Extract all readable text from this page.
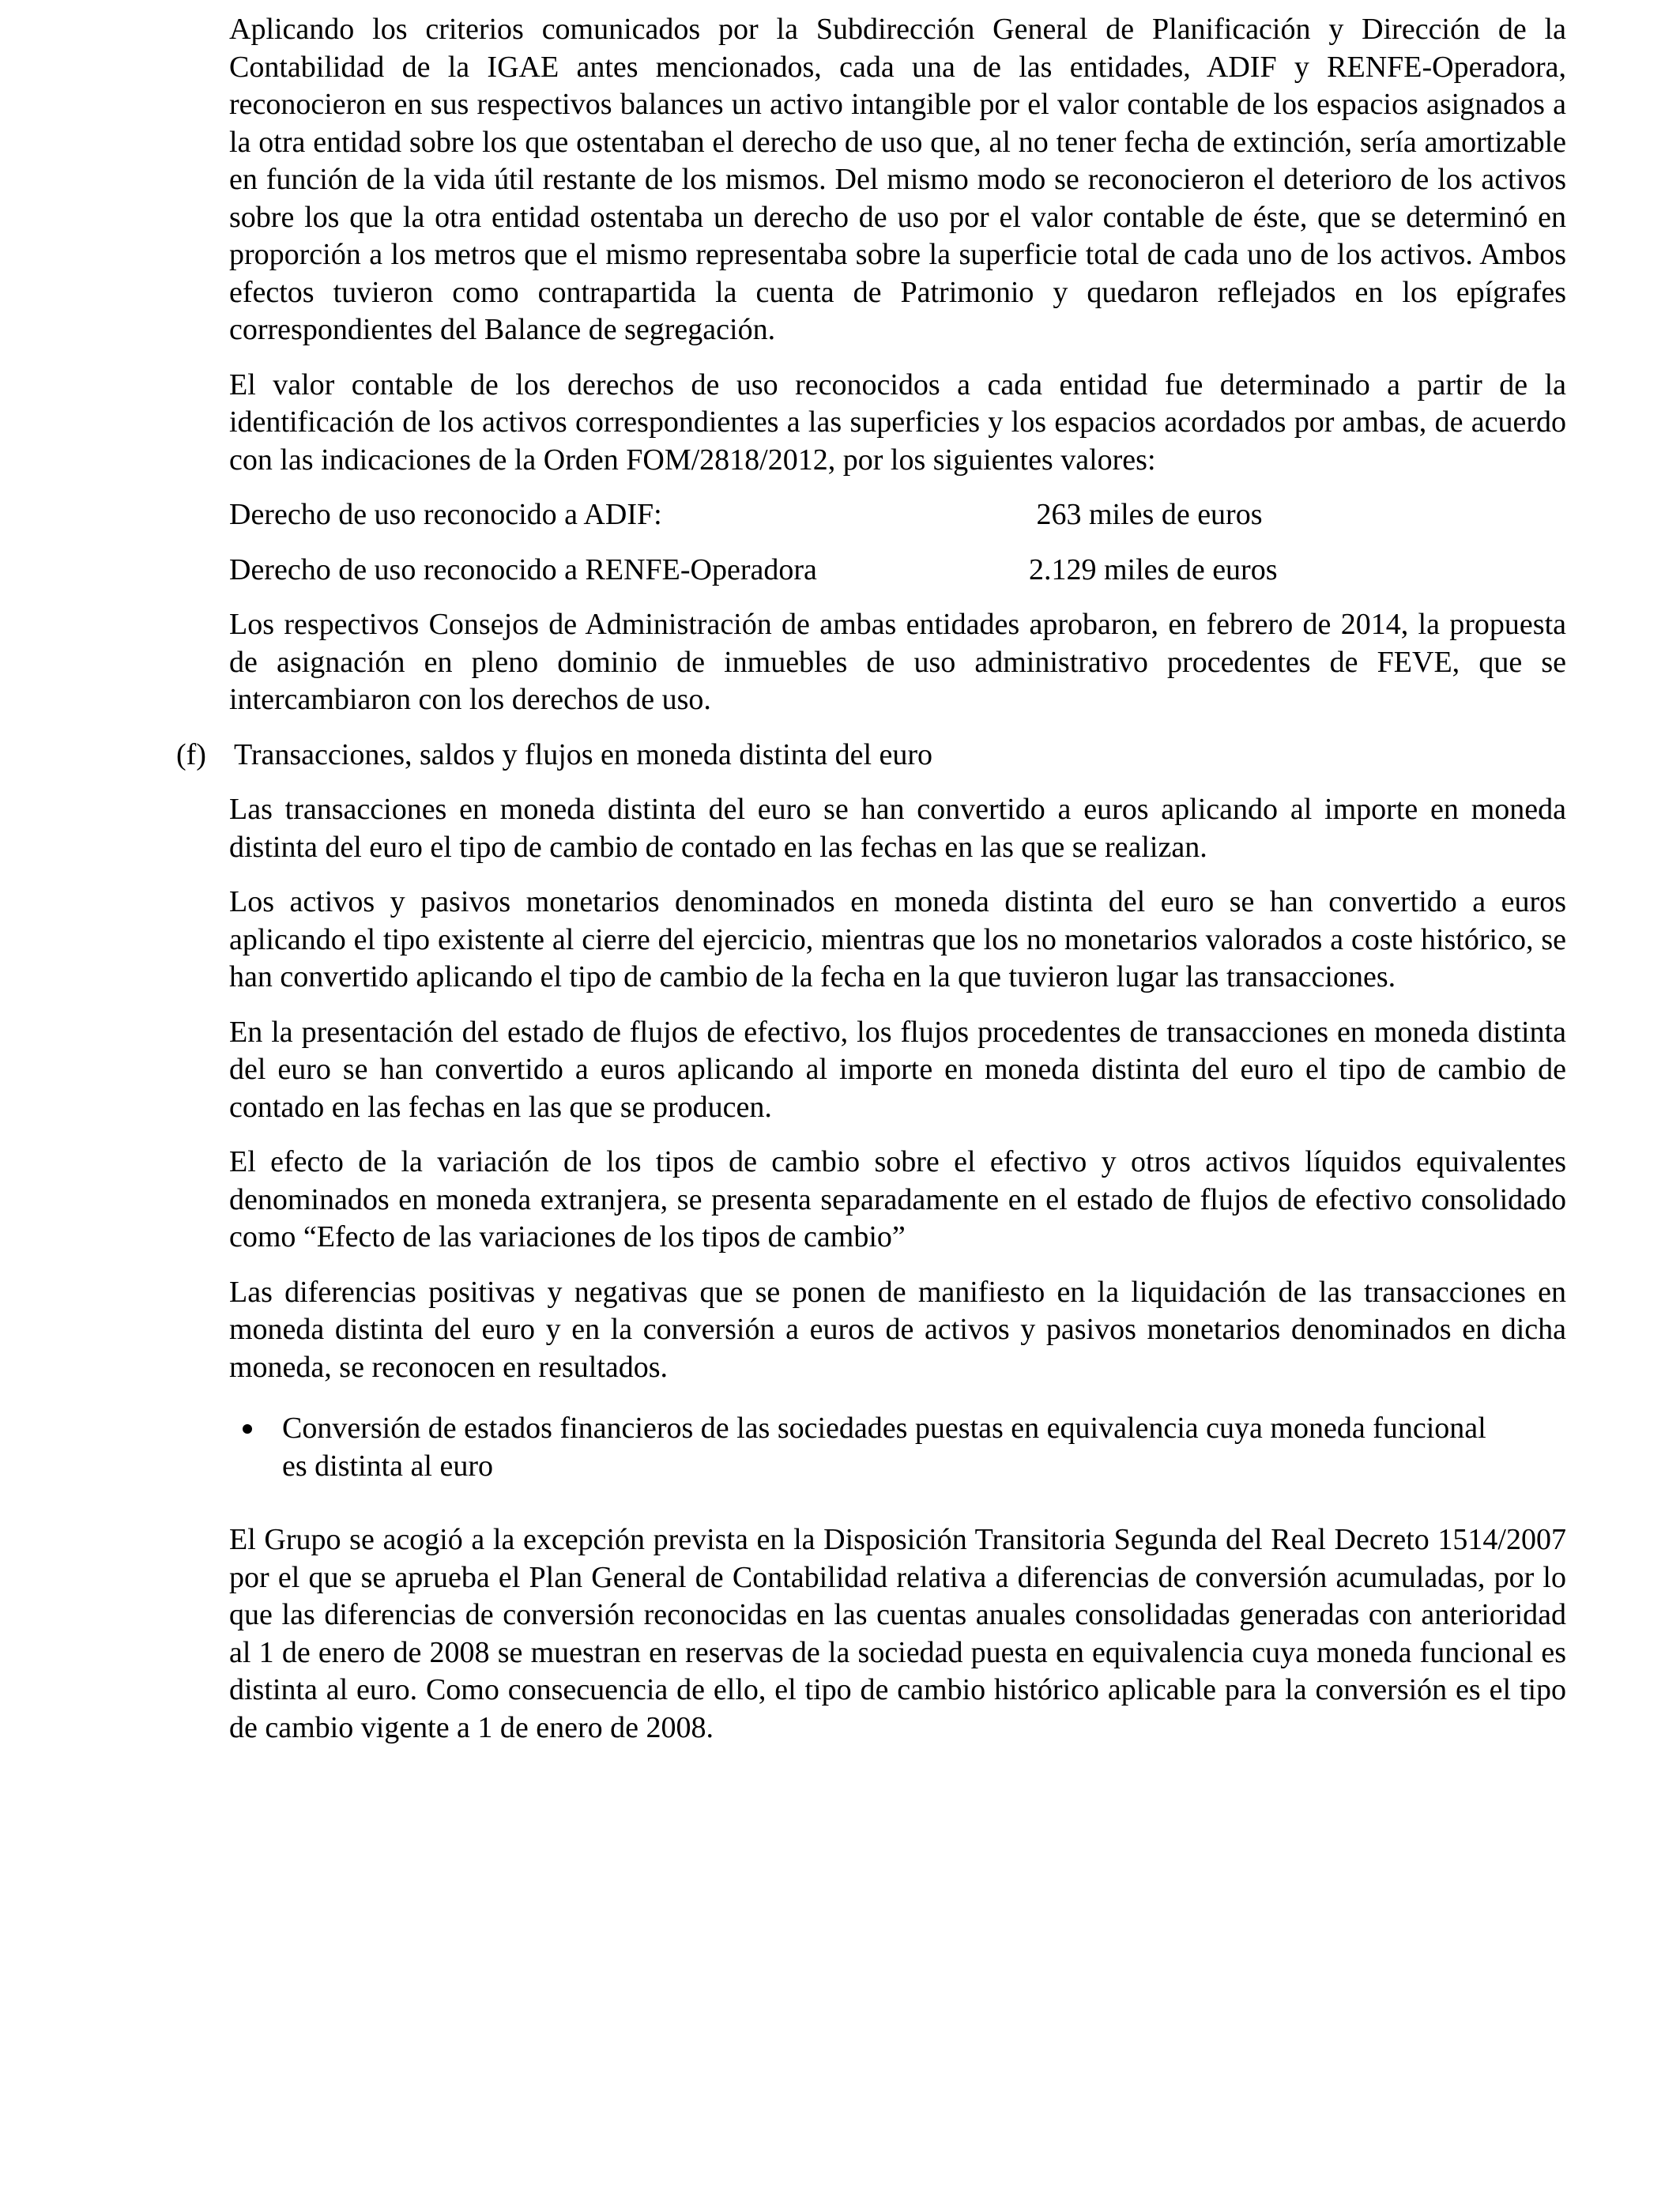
Aplicando los criterios comunicados por la Subdirección General de Planificación y Dirección de la Contabilidad de la IGAE antes mencionados, cada una de las entidades, ADIF y RENFE-Operadora, reconocieron en sus respectivos balances un activo intangible por el valor contable de los espacios asignados a la otra entidad sobre los que ostentaban el derecho de uso que, al no tener fecha de extinción, sería amortizable en función de la vida útil restante de los mismos. Del mismo modo se reconocieron el deterioro de los activos sobre los que la otra entidad ostentaba un derecho de uso por el valor contable de éste, que se determinó en proporción a los metros que el mismo representaba sobre la superficie total de cada uno de los activos. Ambos efectos tuvieron como contrapartida la cuenta de Patrimonio y quedaron reflejados en los epígrafes correspondientes del Balance de segregación.

El valor contable de los derechos de uso reconocidos a cada entidad fue determinado a partir de la identificación de los activos correspondientes a las superficies y los espacios acordados por ambas, de acuerdo con las indicaciones de la Orden FOM/2818/2012, por los siguientes valores:

Derecho de uso reconocido a ADIF:	263 miles de euros
Derecho de uso reconocido a RENFE-Operadora	2.129 miles de euros

Los respectivos Consejos de Administración de ambas entidades aprobaron, en febrero de 2014, la propuesta de asignación en pleno dominio de inmuebles de uso administrativo procedentes de FEVE, que se intercambiaron con los derechos de uso.

(f) Transacciones, saldos y flujos en moneda distinta del euro

Las transacciones en moneda distinta del euro se han convertido a euros aplicando al importe en moneda distinta del euro el tipo de cambio de contado en las fechas en las que se realizan.

Los activos y pasivos monetarios denominados en moneda distinta del euro se han convertido a euros aplicando el tipo existente al cierre del ejercicio, mientras que los no monetarios valorados a coste histórico, se han convertido aplicando el tipo de cambio de la fecha en la que tuvieron lugar las transacciones.

En la presentación del estado de flujos de efectivo, los flujos procedentes de transacciones en moneda distinta del euro se han convertido a euros aplicando al importe en moneda distinta del euro el tipo de cambio de contado en las fechas en las que se producen.

El efecto de la variación de los tipos de cambio sobre el efectivo y otros activos líquidos equivalentes denominados en moneda extranjera, se presenta separadamente en el estado de flujos de efectivo consolidado como “Efecto de las variaciones de los tipos de cambio”

Las diferencias positivas y negativas que se ponen de manifiesto en la liquidación de las transacciones en moneda distinta del euro y en la conversión a euros de activos y pasivos monetarios denominados en dicha moneda, se reconocen en resultados.

Conversión de estados financieros de las sociedades puestas en equivalencia cuya moneda funcional es distinta al euro

El Grupo se acogió a la excepción prevista en la Disposición Transitoria Segunda del Real Decreto 1514/2007 por el que se aprueba el Plan General de Contabilidad relativa a diferencias de conversión acumuladas, por lo que las diferencias de conversión reconocidas en las cuentas anuales consolidadas generadas con anterioridad al 1 de enero de 2008 se muestran en reservas de la sociedad puesta en equivalencia cuya moneda funcional es distinta al euro. Como consecuencia de ello, el tipo de cambio histórico aplicable para la conversión es el tipo de cambio vigente a 1 de enero de 2008.
